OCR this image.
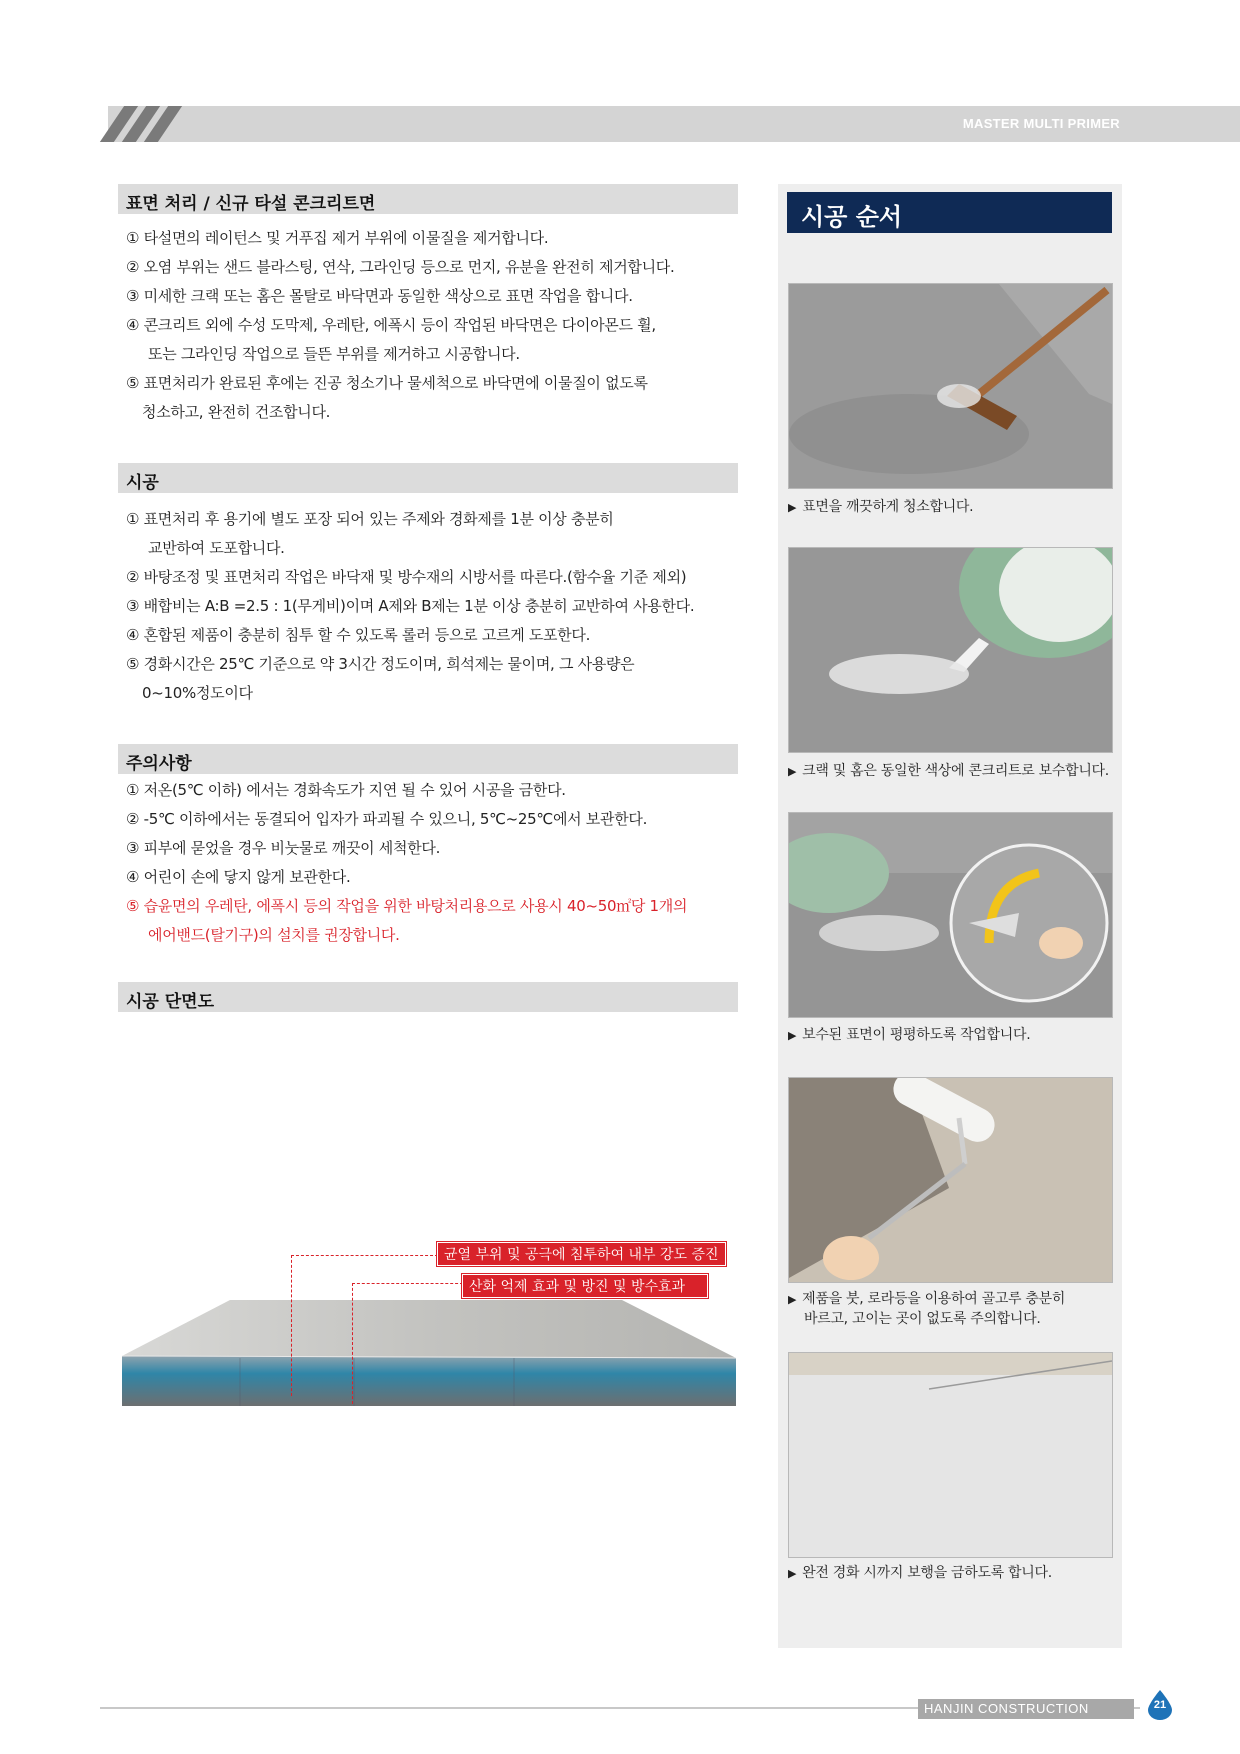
MASTER MULTI PRIMER
표면 처리 / 신규 타설 콘크리트면
① 타설면의 레이턴스 및 거푸집 제거 부위에 이물질을 제거합니다.
② 오염 부위는 샌드 블라스팅, 연삭, 그라인딩 등으로 먼지, 유분을 완전히 제거합니다.
③ 미세한 크랙 또는 홈은 몰탈로 바닥면과 동일한 색상으로 표면 작업을 합니다.
④ 콘크리트 외에 수성 도막제, 우레탄, 에폭시 등이 작업된 바닥면은 다이아몬드 휠,
또는 그라인딩 작업으로 들뜬 부위를 제거하고 시공합니다.
⑤ 표면처리가 완료된 후에는 진공 청소기나 물세척으로 바닥면에 이물질이 없도록
청소하고, 완전히 건조합니다.
시공
① 표면처리 후 용기에 별도 포장 되어 있는 주제와 경화제를 1분 이상 충분히
교반하여 도포합니다.
② 바탕조정 및 표면처리 작업은 바닥재 및 방수재의 시방서를 따른다.(함수율 기준 제외)
③ 배합비는 A:B =2.5 : 1(무게비)이며 A제와 B제는 1분 이상 충분히 교반하여 사용한다.
④ 혼합된 제품이 충분히 침투 할 수 있도록 롤러 등으로 고르게 도포한다.
⑤ 경화시간은 25℃ 기준으로 약 3시간 정도이며, 희석제는 물이며, 그 사용량은
0~10%정도이다
주의사항
① 저온(5℃ 이하) 에서는 경화속도가 지연 될 수 있어 시공을 금한다.
② -5℃ 이하에서는 동결되어 입자가 파괴될 수 있으니, 5℃~25℃에서 보관한다.
③ 피부에 묻었을 경우 비눗물로 깨끗이 세척한다.
④ 어린이 손에 닿지 않게 보관한다.
⑤ 습윤면의 우레탄, 에폭시 등의 작업을 위한 바탕처리용으로 사용시 40~50㎡당 1개의
에어밴드(탈기구)의 설치를 권장합니다.
시공 단면도
균열 부위 및 공극에 침투하여 내부 강도 증진
산화 억제 효과 및 방진 및 방수효과
시공 순서
▶ 표면을 깨끗하게 청소합니다.
▶ 크랙 및 홈은 동일한 색상에 콘크리트로 보수합니다.
▶ 보수된 표면이 평평하도록 작업합니다.
▶ 제품을 붓, 로라등을 이용하여 골고루 충분히
바르고, 고이는 곳이 없도록 주의합니다.
▶ 완전 경화 시까지 보행을 금하도록 합니다.
HANJIN CONSTRUCTION CHEMICAL
21
